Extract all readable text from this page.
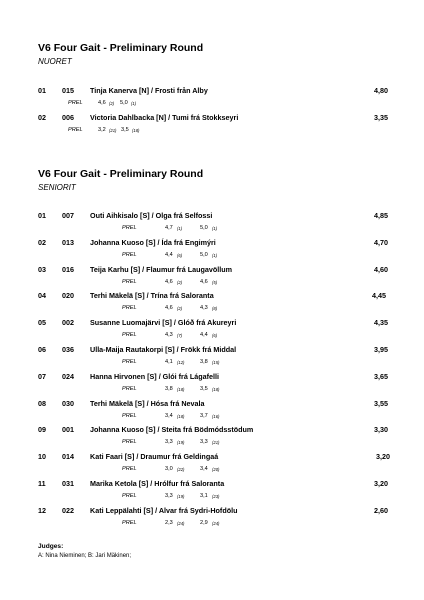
V6 Four Gait - Preliminary Round
NUORET
01 015 Tinja Kanerva [N] / Frosti från Alby	4,80
PREL	4,6 (2) 5,0 (1)
02 006 Victoria Dahlbacka [N] / Tumi frá Stokkseyri	3,35
PREL	3,2 (21) 3,5 (18)
V6 Four Gait - Preliminary Round
SENIORIT
01 007 Outi Aihkisalo [S] / Olga frá Selfossi	4,85
PREL	4,7 (1)	5,0 (1)
02 013 Johanna Kuoso [S] / Ída frá Engimýri	4,70
PREL	4,4 (6)	5,0 (1)
03 016 Teija Karhu [S] / Flaumur frá Laugavöllum	4,60
PREL	4,6 (2)	4,6 (5)
04 020 Terhi Mäkelä [S] / Trína frá Saloranta	4,45
PREL	4,6 (2)	4,3 (8)
05 002 Susanne Luomajärvi [S] / Glóð frá Akureyri	4,35
PREL	4,3 (7)	4,4 (6)
06 036 Ulla-Maija Rautakorpi [S] / Frökk frá Middal	3,95
PREL	4,1 (12)	3,8 (15)
07 024 Hanna Hirvonen [S] / Glói frá Lágafelli	3,65
PREL	3,8 (18)	3,5 (18)
08 030 Terhi Mäkelä [S] / Hósa frá Nevala	3,55
PREL	3,4 (18)	3,7 (16)
09 001 Johanna Kuoso [S] / Steita frá Bödmódsstödum	3,30
PREL	3,3 (19)	3,3 (21)
10 014 Kati Faari [S] / Draumur frá Geldingaá	3,20
PREL	3,0 (22)	3,4 (20)
11 031 Marika Ketola [S] / Hrólfur frá Saloranta	3,20
PREL	3,3 (19)	3,1 (23)
12 022 Kati Leppälahti [S] / Alvar frá Sydri-Hofdölu	2,60
PREL	2,3 (24)	2,9 (24)
Judges:
A: Nina Nieminen; B: Jari Mäkinen;
